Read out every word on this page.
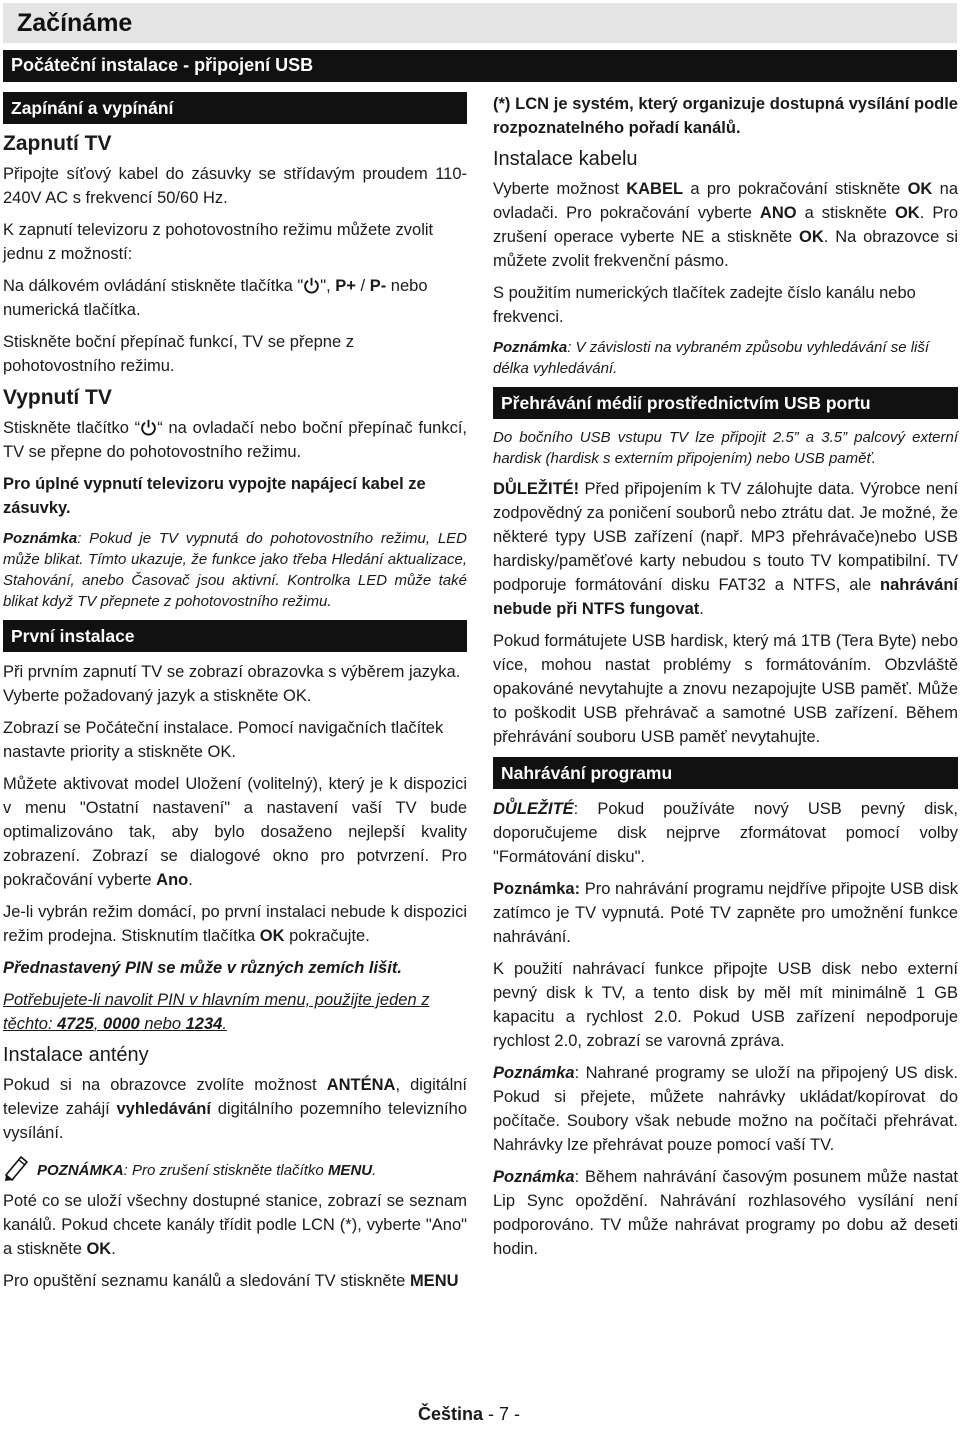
Začínáme
Počáteční instalace - připojení USB
Zapínání a vypínání
Zapnutí TV

Připojte síťový kabel do zásuvky se střídavým proudem 110-240V AC s frekvencí 50/60 Hz.

K zapnutí televizoru z pohotovostního režimu můžete zvolit jednu z možností:

Na dálkovém ovládání stiskněte tlačítka " ", P+ / P- nebo numerická tlačítka.

Stiskněte boční přepínač funkcí, TV se přepne z pohotovostního režimu.

Vypnutí TV

Stiskněte tlačítko “ “ na ovladačí nebo boční přepínač funkcí, TV se přepne do pohotovostního režimu.

Pro úplné vypnutí televizoru vypojte napájecí kabel ze zásuvky.

Poznámka: Pokud je TV vypnutá do pohotovostního režimu, LED může blikat. Tímto ukazuje, že funkce jako třeba Hledání aktualizace, Stahování, anebo Časovač jsou aktivní. Kontrolka LED může také blikat když TV přepnete z pohotovostního režimu.

První instalace

Při prvním zapnutí TV se zobrazí obrazovka s výběrem jazyka. Vyberte požadovaný jazyk a stiskněte OK.

Zobrazí se Počáteční instalace. Pomocí navigačních tlačítek nastavte priority a stiskněte OK.

Můžete aktivovat model Uložení (volitelný), který je k dispozici v menu "Ostatní nastavení" a nastavení vaší TV bude optimalizováno tak, aby bylo dosaženo nejlepší kvality zobrazení. Zobrazí se dialogové okno pro potvrzení. Pro pokračování vyberte Ano.

Je-li vybrán režim domácí, po první instalaci nebude k dispozici režim prodejna. Stisknutím tlačítka OK pokračujte.

Přednastavený PIN se může v různých zemích lišit.

Potřebujete-li navolit PIN v hlavním menu, použijte jeden z těchto: 4725, 0000 nebo 1234.

Instalace antény

Pokud si na obrazovce zvolíte možnost ANTÉNA, digitální televize zahájí vyhledávání digitálního pozemního televizního vysílání.

POZNÁMKA: Pro zrušení stiskněte tlačítko MENU.

Poté co se uloží všechny dostupné stanice, zobrazí se seznam kanálů. Pokud chcete kanály třídit podle LCN (*), vyberte "Ano" a stiskněte OK.

Pro opuštění seznamu kanálů a sledování TV stiskněte MENU

(*) LCN je systém, který organizuje dostupná vysílání podle rozpoznatelného pořadí kanálů.

Instalace kabelu

Vyberte možnost KABEL a pro pokračování stiskněte OK na ovladači. Pro pokračování vyberte ANO a stiskněte OK. Pro zrušení operace vyberte NE a stiskněte OK. Na obrazovce si můžete zvolit frekvenční pásmo.

S použitím numerických tlačítek zadejte číslo kanálu nebo frekvenci.

Poznámka: V závislosti na vybraném způsobu vyhledávání se liší délka vyhledávání.

Přehrávání médií prostřednictvím USB portu

Do bočního USB vstupu TV lze připojit 2.5” a 3.5” palcový externí hardisk (hardisk s externím připojením) nebo USB paměť.

DŮLEŽITÉ! Před připojením k TV zálohujte data. Výrobce není zodpovědný za poničení souborů nebo ztrátu dat. Je možné, že některé typy USB zařízení (např. MP3 přehrávače)nebo USB hardisky/paměťové karty nebudou s touto TV kompatibilní. TV podporuje formátování disku FAT32 a NTFS, ale nahrávání nebude při NTFS fungovat.

Pokud formátujete USB hardisk, který má 1TB (Tera Byte) nebo více, mohou nastat problémy s formátováním. Obzvláště opakováné nevytahujte a znovu nezapojujte USB paměť. Může to poškodit USB přehrávač a samotné USB zařízení. Během přehrávání souboru USB paměť nevytahujte.

Nahrávání programu

DŮLEŽITÉ: Pokud používáte nový USB pevný disk, doporučujeme disk nejprve zformátovat pomocí volby "Formátování disku".

Poznámka: Pro nahrávání programu nejdříve připojte USB disk zatímco je TV vypnutá. Poté TV zapněte pro umožnění funkce nahrávání.

K použití nahrávací funkce připojte USB disk nebo externí pevný disk k TV, a tento disk by měl mít minimálně 1 GB kapacitu a rychlost 2.0. Pokud USB zařízení nepodporuje rychlost 2.0, zobrazí se varovná zpráva.

Poznámka: Nahrané programy se uloží na připojený US disk. Pokud si přejete, můžete nahrávky ukládat/kopírovat do počítače. Soubory však nebude možno na počítači přehrávat. Nahrávky lze přehrávat pouze pomocí vaší TV.

Poznámka: Během nahrávání časovým posunem může nastat Lip Sync opoždění. Nahrávání rozhlasového vysílání není podporováno. TV může nahrávat programy po dobu až deseti hodin.

Čeština - 7 -
